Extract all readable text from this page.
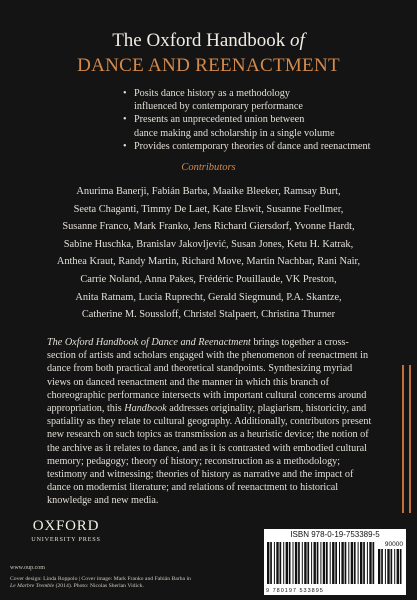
The Oxford Handbook of
DANCE AND REENACTMENT
• Posits dance history as a methodology
influenced by contemporary performance
• Presents an unprecedented union between
dance making and scholarship in a single volume
• Provides contemporary theories of dance and reenactment
Contributors
Anurima Banerji, Fabián Barba, Maaike Bleeker, Ramsay Burt,
Seeta Chaganti, Timmy De Laet, Kate Elswit, Susanne Foellmer,
Susanne Franco, Mark Franko, Jens Richard Giersdorf, Yvonne Hardt,
Sabine Huschka, Branislav Jakovljević, Susan Jones, Ketu H. Katrak,
Anthea Kraut, Randy Martin, Richard Move, Martin Nachbar, Rani Nair,
Carrie Noland, Anna Pakes, Frédéric Pouillaude, VK Preston,
Anita Ratnam, Lucia Ruprecht, Gerald Siegmund, P.A. Skantze,
Catherine M. Soussloff, Christel Stalpaert, Christina Thurner
The Oxford Handbook of Dance and Reenactment brings together a cross-section of artists and scholars engaged with the phenomenon of reenactment in dance from both practical and theoretical standpoints. Synthesizing myriad views on danced reenactment and the manner in which this branch of choreographic performance intersects with important cultural concerns around appropriation, this Handbook addresses originality, plagiarism, historicity, and spatiality as they relate to cultural geography. Additionally, contributors present new research on such topics as transmission as a heuristic device; the notion of the archive as it relates to dance, and as it is contrasted with embodied cultural memory; pedagogy; theory of history; reconstruction as a methodology; testimony and witnessing; theories of history as narrative and the impact of dance on modernist literature; and relations of reenactment to historical knowledge and new media.
OXFORD
UNIVERSITY PRESS
www.oup.com
Cover design: Linda Roppolo | Cover image: Mark Franko and Fabián Barba in
Le Marbre Tremble (2014). Photo: Nicolas Sherlan Vidick.
ISBN 978-0-19-753389-5
90000
9 780197 533895
